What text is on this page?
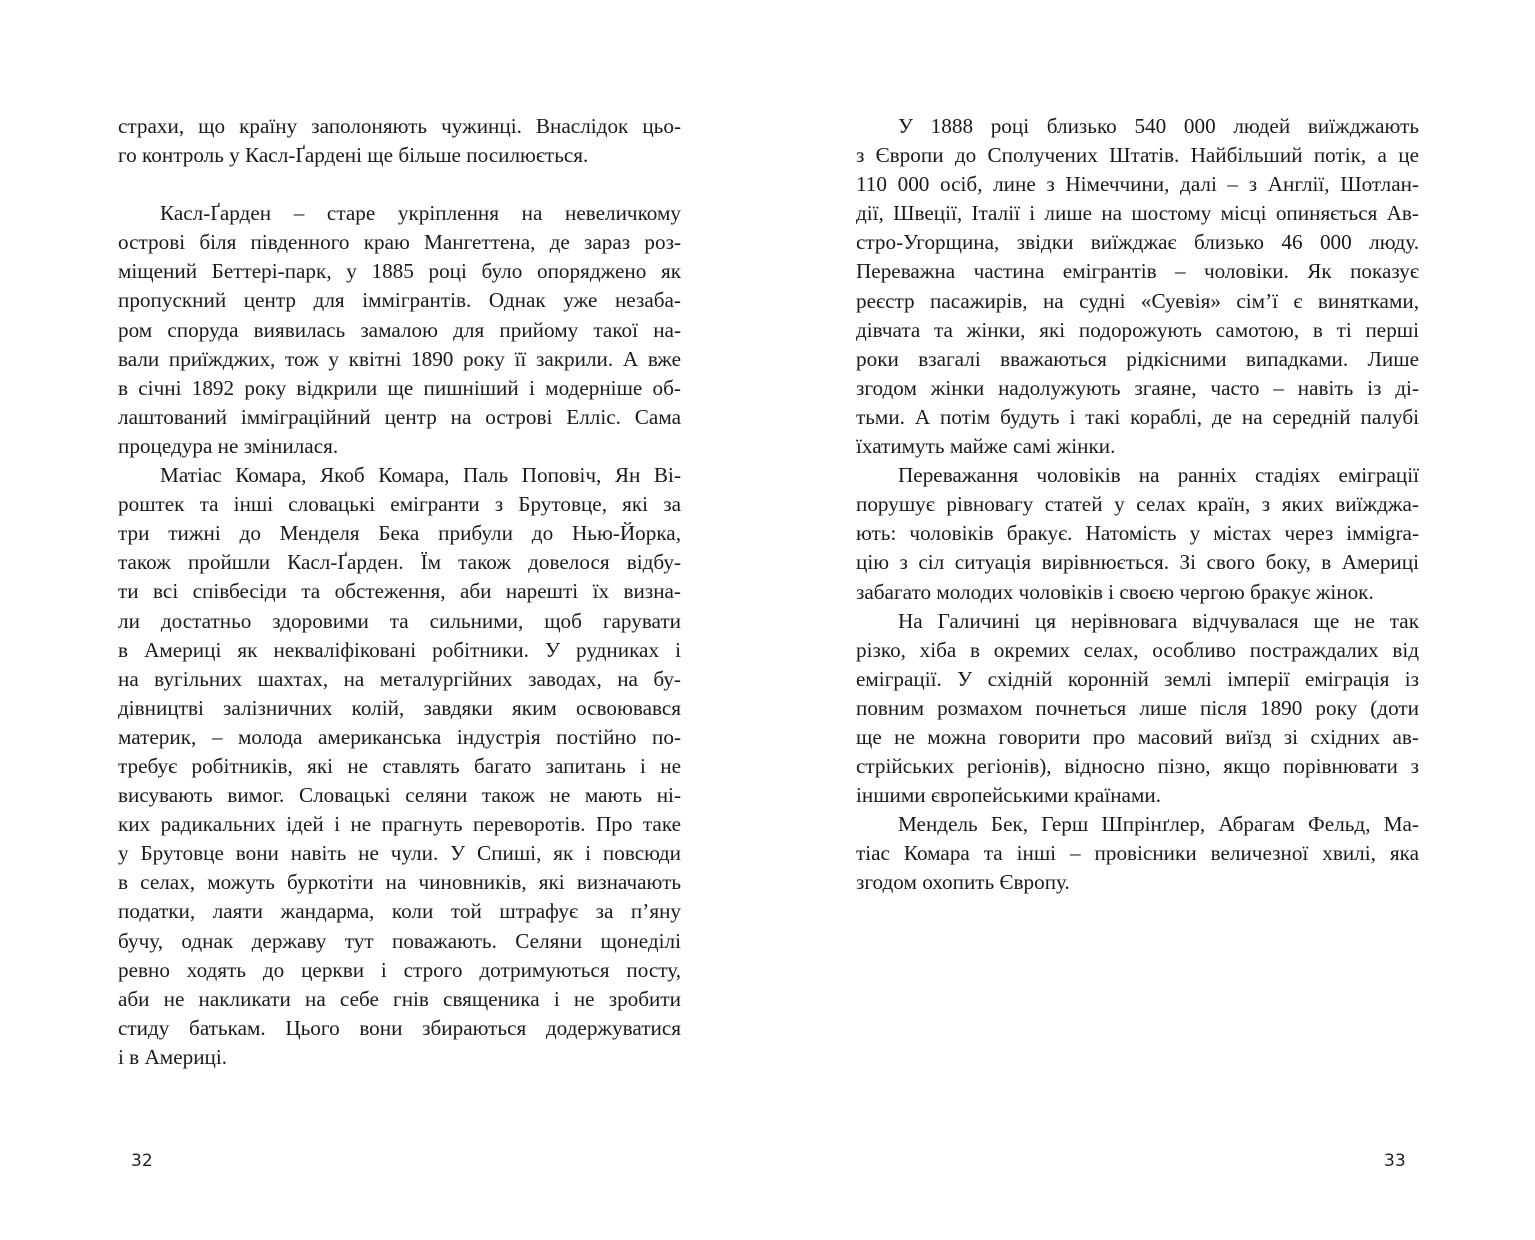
страхи, що країну заполоняють чужинці. Внаслідок цьо-
го контроль у Касл-Ґардені ще більше посилюється.
Касл-Ґарден – старе укріплення на невеличкому
острові біля південного краю Мангеттена, де зараз роз-
міщений Беттері-парк, у 1885 році було опоряджено як
пропускний центр для іммігрантів. Однак уже незаба-
ром споруда виявилась замалою для прийому такої на-
вали приїжджих, тож у квітні 1890 року її закрили. А вже
в січні 1892 року відкрили ще пишніший і модерніше об-
лаштований імміграційний центр на острові Елліс. Сама
процедура не змінилася.
Матіас Комара, Якоб Комара, Паль Поповіч, Ян Ві-
роштек та інші словацькі емігранти з Брутовце, які за
три тижні до Менделя Бека прибули до Нью-Йорка,
також пройшли Касл-Ґарден. Їм також довелося відбу-
ти всі співбесіди та обстеження, аби нарешті їх визна-
ли достатньо здоровими та сильними, щоб гарувати
в Америці як некваліфіковані робітники. У рудниках і
на вугільних шахтах, на металургійних заводах, на бу-
дівництві залізничних колій, завдяки яким освоювався
материк, – молода американська індустрія постійно по-
требує робітників, які не ставлять багато запитань і не
висувають вимог. Словацькі селяни також не мають ні-
ких радикальних ідей і не прагнуть переворотів. Про таке
у Брутовце вони навіть не чули. У Спиші, як і повсюди
в селах, можуть буркотіти на чиновників, які визначають
податки, лаяти жандарма, коли той штрафує за п’яну
бучу, однак державу тут поважають. Селяни щонеділі
ревно ходять до церкви і строго дотримуються посту,
аби не накликати на себе гнів священика і не зробити
стиду батькам. Цього вони збираються додержуватися
і в Америці.
32
У 1888 році близько 540 000 людей виїжджають
з Європи до Сполучених Штатів. Найбільший потік, а це
110 000 осіб, лине з Німеччини, далі – з Англії, Шотлан-
дії, Швеції, Італії і лише на шостому місці опиняється Ав-
стро-Угорщина, звідки виїжджає близько 46 000 люду.
Переважна частина емігрантів – чоловіки. Як показує
реєстр пасажирів, на судні «Суевія» сім’ї є винятками,
дівчата та жінки, які подорожують самотою, в ті перші
роки взагалі вважаються рідкісними випадками. Лише
згодом жінки надолужують згаяне, часто – навіть із ді-
тьми. А потім будуть і такі кораблі, де на середній палубі
їхатимуть майже самі жінки.
Переважання чоловіків на ранніх стадіях еміграції
порушує рівновагу статей у селах країн, з яких виїжджа-
ють: чоловіків бракує. Натомість у містах через імміgra-
цію з сіл ситуація вирівнюється. Зі свого боку, в Америці
забагато молодих чоловіків і своєю чергою бракує жінок.
На Галичині ця нерівновага відчувалася ще не так
різко, хіба в окремих селах, особливо постраждалих від
еміграції. У східній коронній землі імперії еміграція із
повним розмахом почнеться лише після 1890 року (доти
ще не можна говорити про масовий виїзд зі східних ав-
стрійських регіонів), відносно пізно, якщо порівнювати з
іншими європейськими країнами.
Мендель Бек, Герш Шпрінґлер, Абрагам Фельд, Ма-
тіас Комара та інші – провісники величезної хвилі, яка
згодом охопить Європу.
33
